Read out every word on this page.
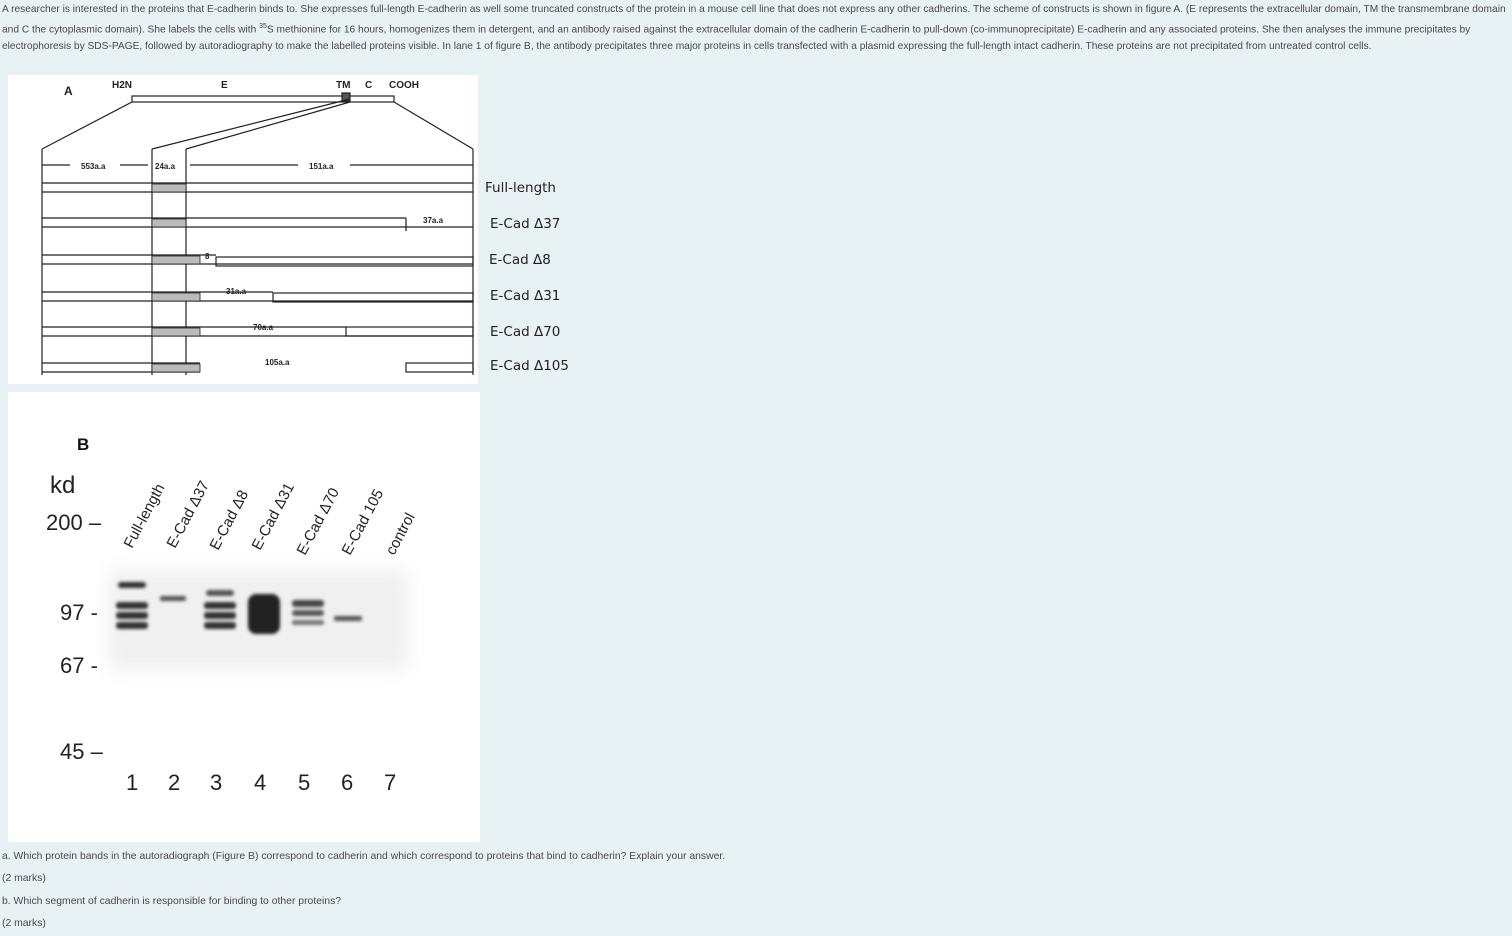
A researcher is interested in the proteins that E-cadherin binds to. She expresses full-length E-cadherin as well some truncated constructs of the protein in a mouse cell line that does not express any other cadherins. The scheme of constructs is shown in figure A. (E represents the extracellular domain, TM the transmembrane domain and C the cytoplasmic domain). She labels the cells with $^{35}$S methionine for 16 hours, homogenizes them in detergent, and an antibody raised against the extracellular domain of the cadherin E-cadherin to pull-down (co-immunoprecipitate) E-cadherin and any associated proteins. She then analyses the immune precipitates by electrophoresis by SDS-PAGE, followed by autoradiography to make the labelled proteins visible. In lane 1 of figure B, the antibody precipitates three major proteins in cells transfected with a plasmid expressing the full-length intact cadherin. These proteins are not precipitated from untreated control cells.

A	H2N	E	TM C COOH
553a.a	24a.a	151a.a
37a.a
8
31a.a
70a.a
105a.a
Full-length
E-Cad Δ37
E-Cad Δ8
E-Cad Δ31
E-Cad Δ70
E-Cad Δ105
B
kd
200 –
97 -
67 -
45 –
Full-length
E-Cad Δ37
E-Cad Δ8
E-Cad Δ31
E-Cad Δ70
E-Cad 105
control
1 2 3 4 5 6 7

a. Which protein bands in the autoradiograph (Figure B) correspond to cadherin and which correspond to proteins that bind to cadherin? Explain your answer.

(2 marks)

b. Which segment of cadherin is responsible for binding to other proteins?

(2 marks)
